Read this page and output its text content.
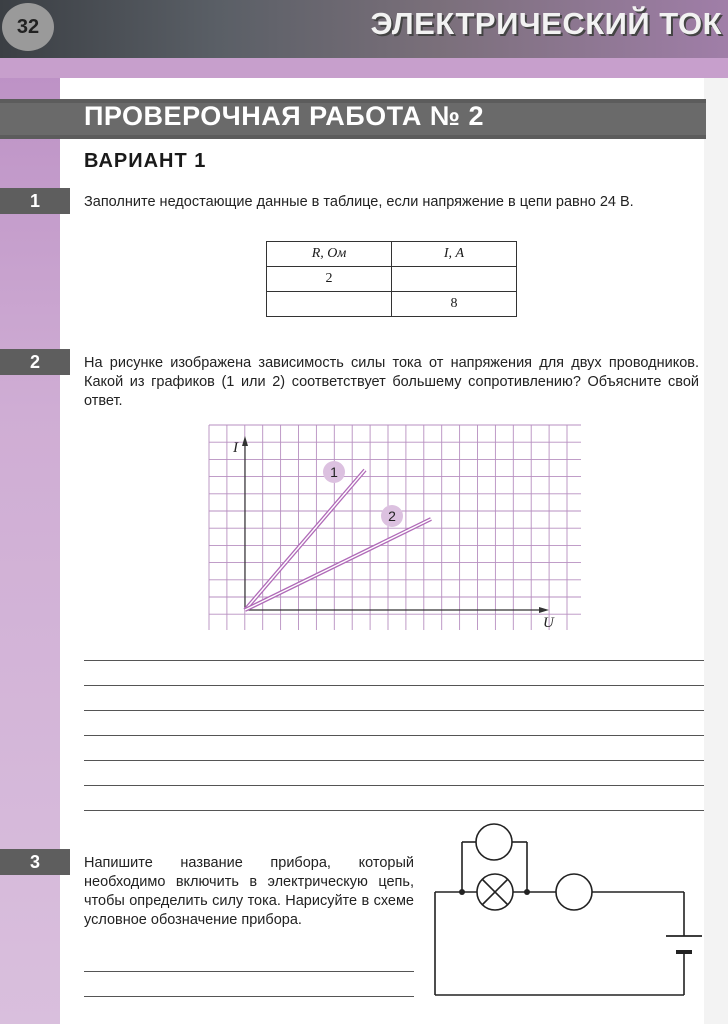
32	ЭЛЕКТРИЧЕСКИЙ ТОК
ПРОВЕРОЧНАЯ РАБОТА № 2
ВАРИАНТ 1
1	Заполните недостающие данные в таблице, если напряжение в цепи равно 24 В.
R, Ом	I, А
2	
	8
2	На рисунке изображена зависимость силы тока от напряжения для двух проводников. Какой из графиков (1 или 2) соответствует большему сопротивлению? Объясните свой ответ.
I
U
1
2
3	Напишите название прибора, который необходимо включить в электрическую цепь, чтобы определить силу тока. Нарисуйте в схеме условное обозначение прибора.
